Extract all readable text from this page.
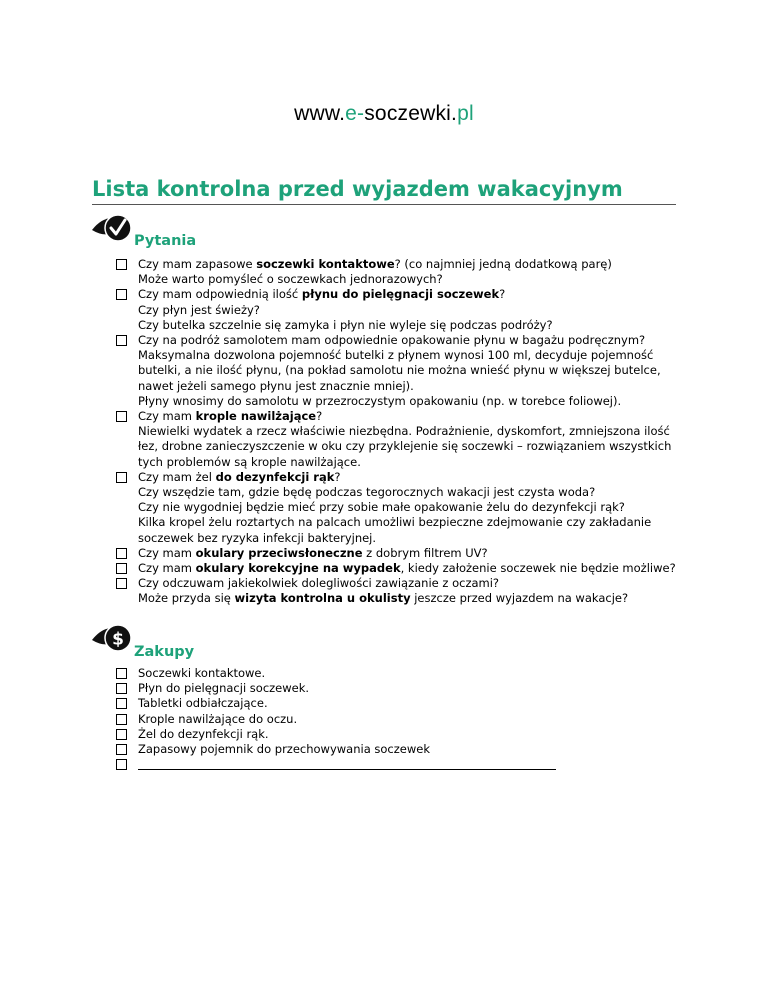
www.e-soczewki.pl
Lista kontrolna przed wyjazdem wakacyjnym
Pytania
Czy mam zapasowe soczewki kontaktowe? (co najmniej jedną dodatkową parę)
Może warto pomyśleć o soczewkach jednorazowych?
Czy mam odpowiednią ilość płynu do pielęgnacji soczewek?
Czy płyn jest świeży?
Czy butelka szczelnie się zamyka i płyn nie wyleje się podczas podróży?
Czy na podróż samolotem mam odpowiednie opakowanie płynu w bagażu podręcznym?
Maksymalna dozwolona pojemność butelki z płynem wynosi 100 ml, decyduje pojemność
butelki, a nie ilość płynu, (na pokład samolotu nie można wnieść płynu w większej butelce,
nawet jeżeli samego płynu jest znacznie mniej).
Płyny wnosimy do samolotu w przezroczystym opakowaniu (np. w torebce foliowej).
Czy mam krople nawilżające?
Niewielki wydatek a rzecz właściwie niezbędna. Podrażnienie, dyskomfort, zmniejszona ilość
łez, drobne zanieczyszczenie w oku czy przyklejenie się soczewki – rozwiązaniem wszystkich
tych problemów są krople nawilżające.
Czy mam żel do dezynfekcji rąk?
Czy wszędzie tam, gdzie będę podczas tegorocznych wakacji jest czysta woda?
Czy nie wygodniej będzie mieć przy sobie małe opakowanie żelu do dezynfekcji rąk?
Kilka kropel żelu roztartych na palcach umożliwi bezpieczne zdejmowanie czy zakładanie
soczewek bez ryzyka infekcji bakteryjnej.
Czy mam okulary przeciwsłoneczne z dobrym filtrem UV?
Czy mam okulary korekcyjne na wypadek, kiedy założenie soczewek nie będzie możliwe?
Czy odczuwam jakiekolwiek dolegliwości zawiązanie z oczami?
Może przyda się wizyta kontrolna u okulisty jeszcze przed wyjazdem na wakacje?
$
Zakupy
Soczewki kontaktowe.
Płyn do pielęgnacji soczewek.
Tabletki odbiałczające.
Krople nawilżające do oczu.
Żel do dezynfekcji rąk.
Zapasowy pojemnik do przechowywania soczewek
